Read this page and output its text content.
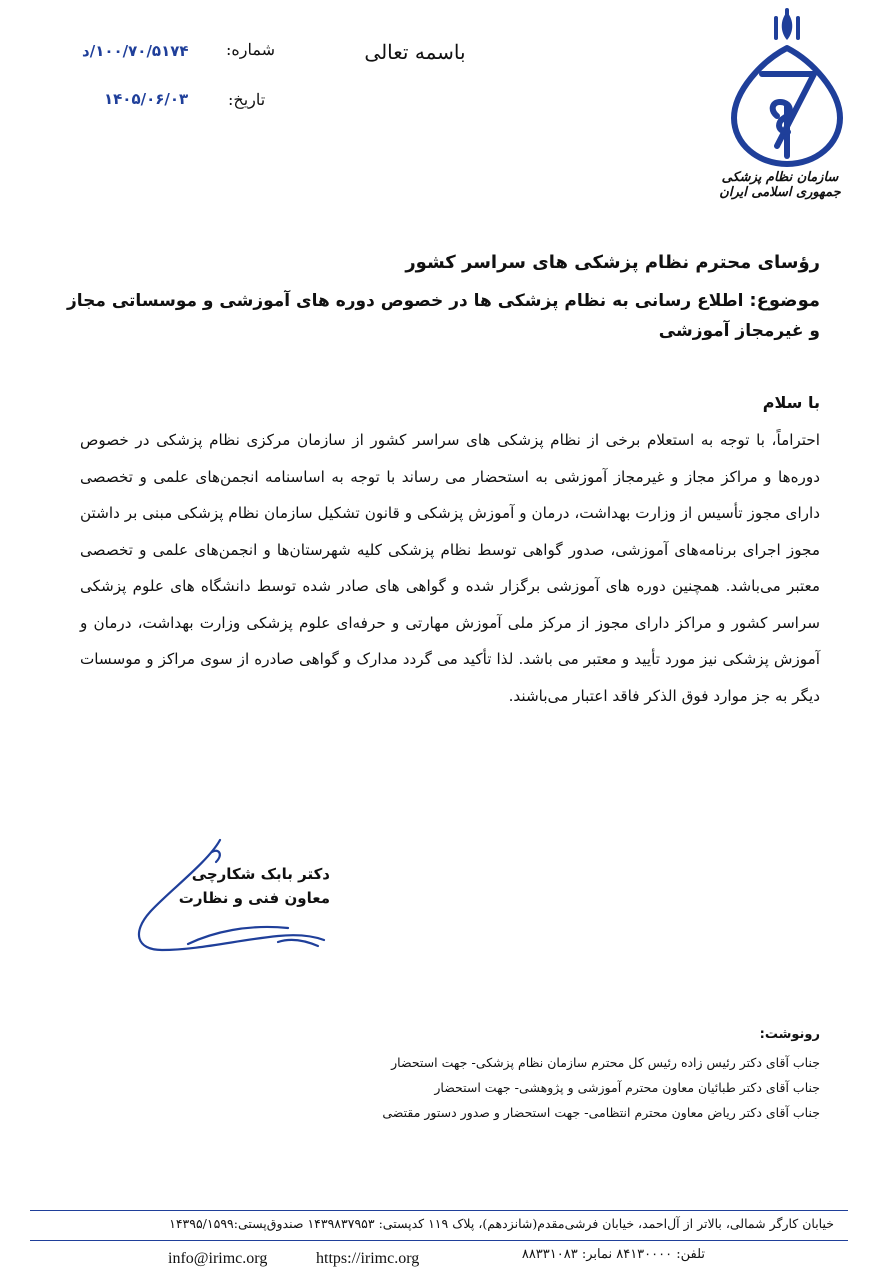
باسمه تعالی
شماره:
۱۰۰/۷۰/۵۱۷۴/د
تاریخ:
۱۴۰۵/۰۶/۰۳
سازمان نظام پزشکی جمهوری اسلامی ایران
رؤسای محترم نظام پزشکی های سراسر کشور
موضوع: اطلاع رسانی به نظام پزشکی ها در خصوص دوره های آموزشی و موسساتی مجاز و غیرمجاز آموزشی
با سلام
احتراماً، با توجه به استعلام برخی از نظام پزشکی های سراسر کشور از سازمان مرکزی نظام پزشکی در خصوص دوره‌ها و مراکز مجاز و غیرمجاز آموزشی به استحضار می رساند با توجه به اساسنامه انجمن‌های علمی و تخصصی دارای مجوز تأسیس از وزارت بهداشت، درمان و آموزش پزشکی و قانون تشکیل سازمان نظام پزشکی مبنی بر داشتن مجوز اجرای برنامه‌های آموزشی، صدور گواهی توسط نظام پزشکی کلیه شهرستان‌ها و انجمن‌های علمی و تخصصی معتبر می‌باشد. همچنین دوره های آموزشی برگزار شده و گواهی های صادر شده توسط دانشگاه های علوم پزشکی سراسر کشور و مراکز دارای مجوز از مرکز ملی آموزش مهارتی و حرفه‌ای علوم پزشکی وزارت بهداشت، درمان و آموزش پزشکی نیز مورد تأیید و معتبر می باشد. لذا تأکید می گردد مدارک و گواهی صادره از سوی مراکز و موسسات دیگر به جز موارد فوق الذکر فاقد اعتبار می‌باشند.
دکتر بابک شکارچی
معاون فنی و نظارت
رونوشت:
جناب آقای دکتر رئیس زاده رئیس کل محترم سازمان نظام پزشکی- جهت استحضار
جناب آقای دکتر طبائیان معاون محترم آموزشی و پژوهشی- جهت استحضار
جناب آقای دکتر ریاض معاون محترم انتظامی- جهت استحضار و صدور دستور مقتضی
خیابان کارگر شمالی، بالاتر از آل‌احمد، خیابان فرشی‌مقدم(شانزدهم)، پلاک ۱۱۹ کدپستی: ۱۴۳۹۸۳۷۹۵۳ صندوق‌پستی:۱۴۳۹۵/۱۵۹۹
تلفن: ۸۴۱۳۰۰۰۰ نمابر: ۸۸۳۳۱۰۸۳
https://irimc.org
info@irimc.org
